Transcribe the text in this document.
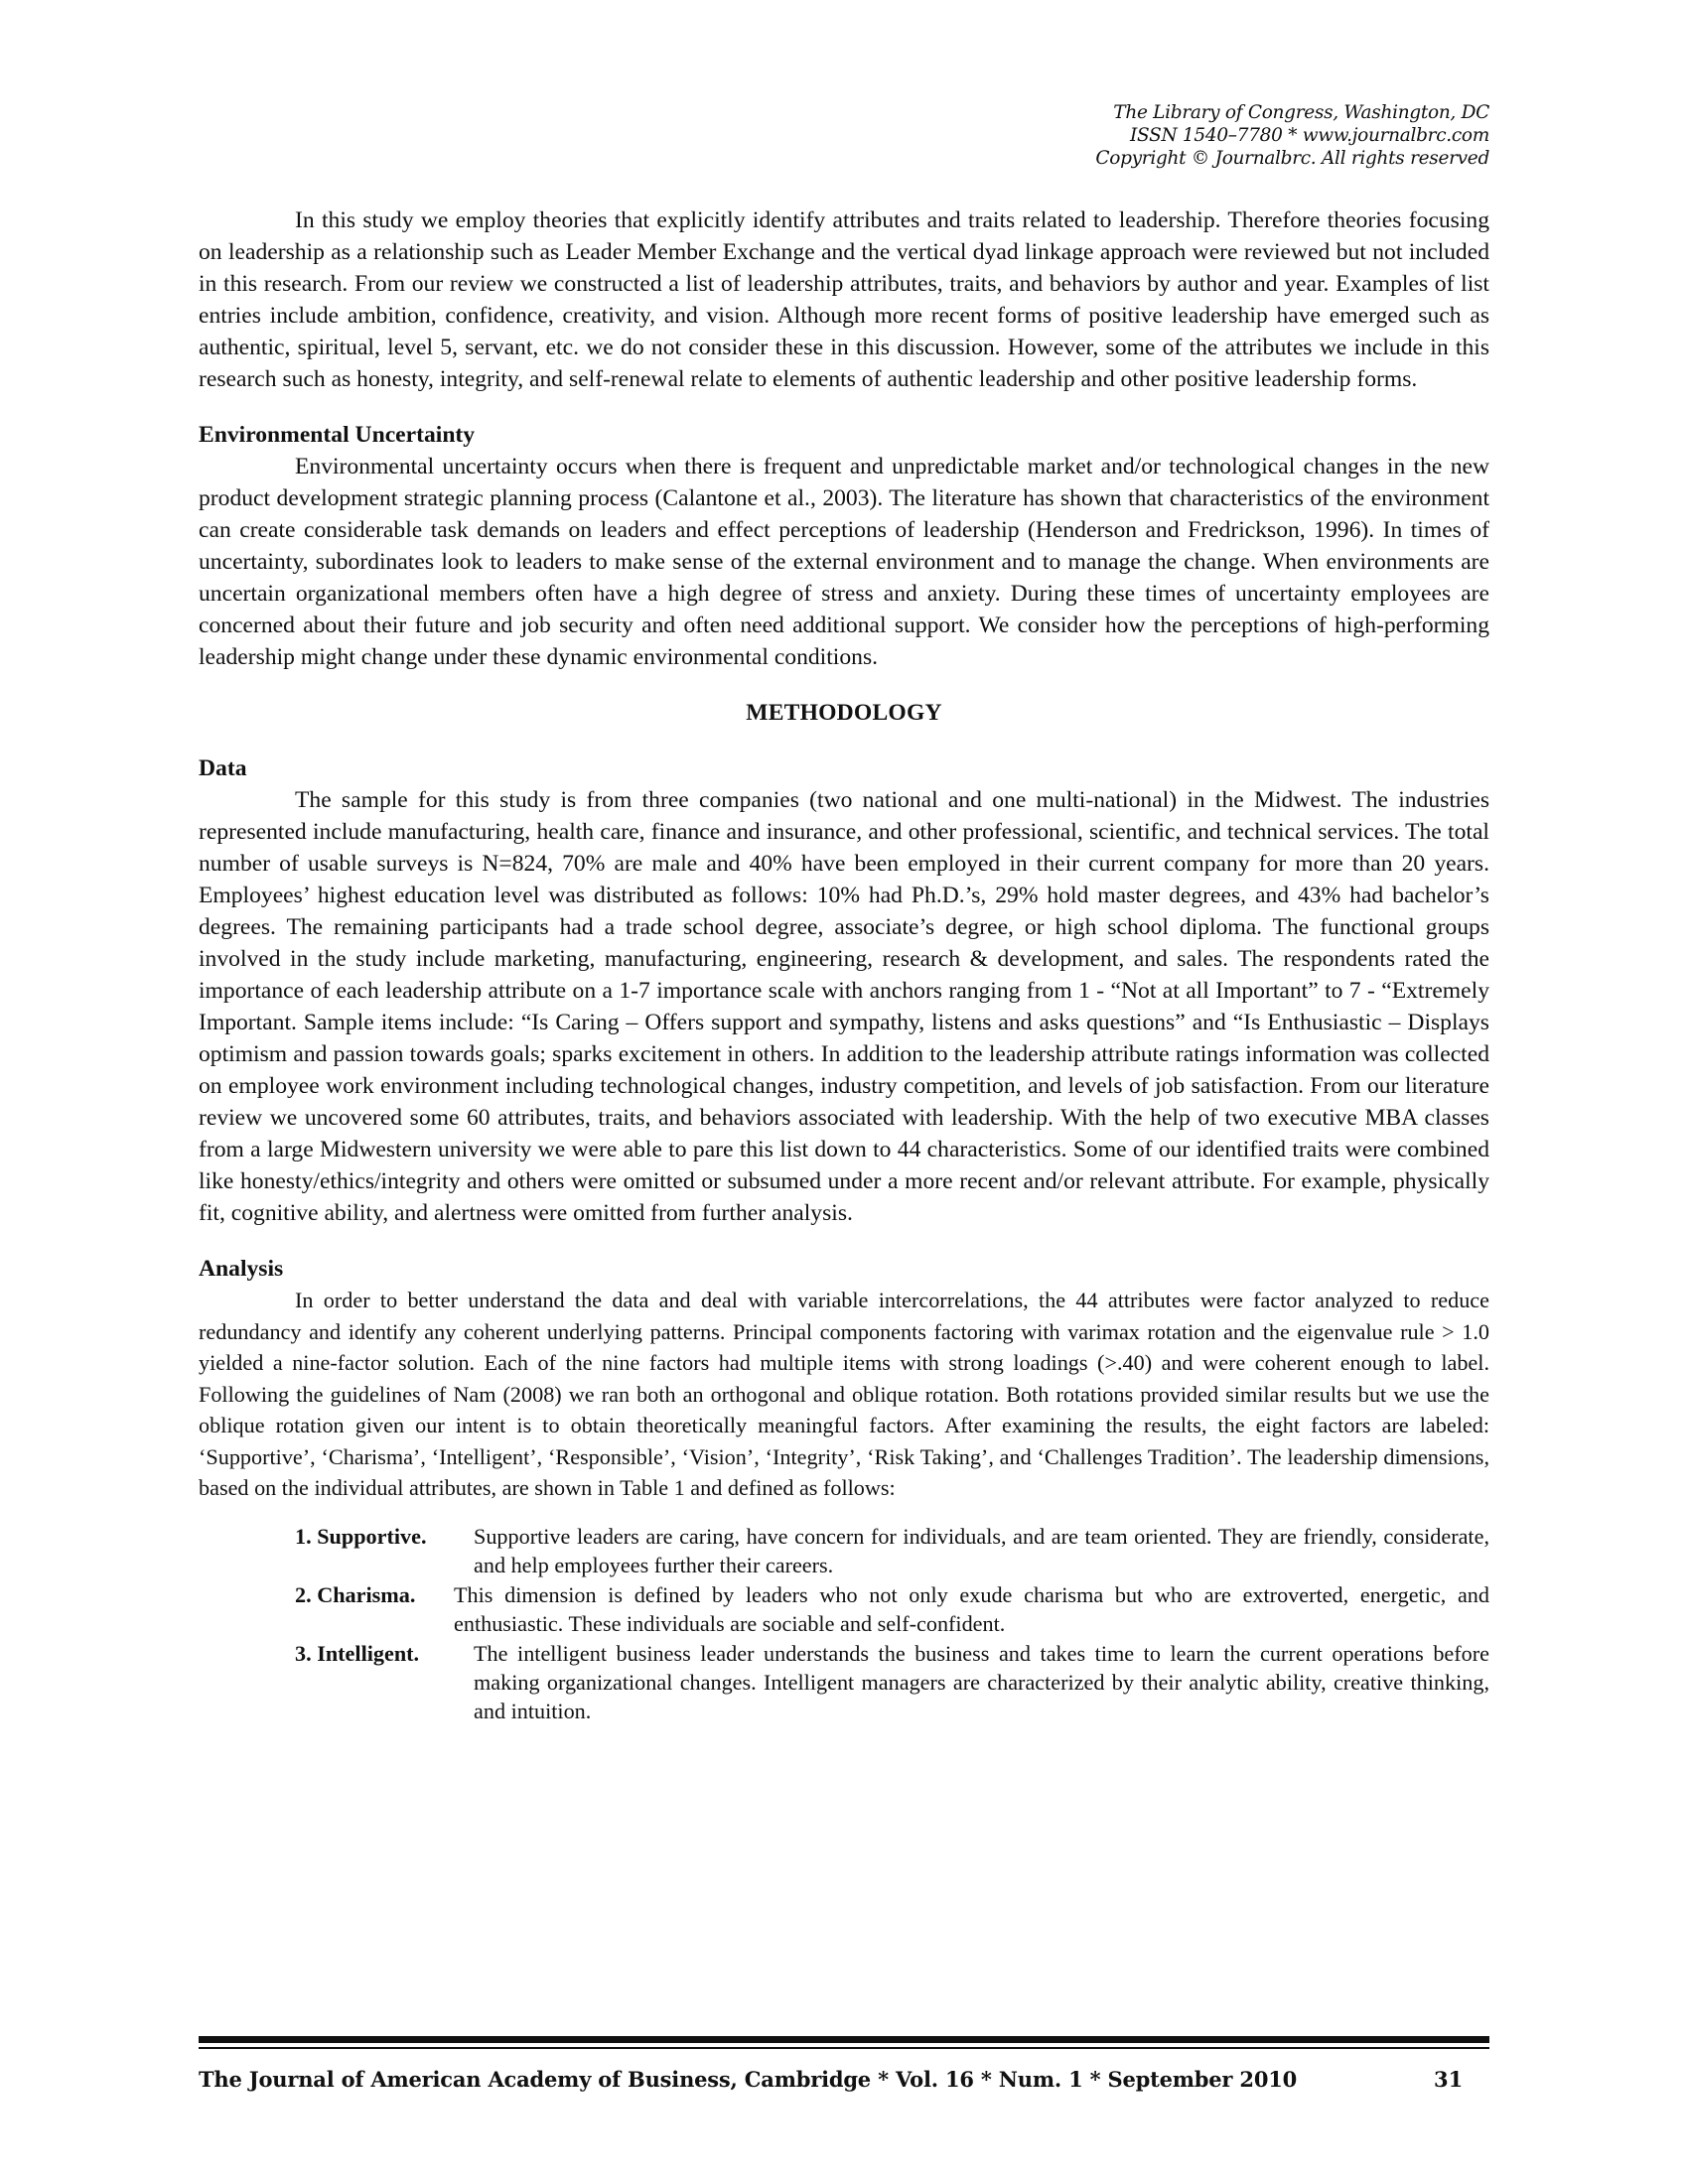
The Library of Congress, Washington, DC
ISSN 1540–7780 * www.journalbrc.com
Copyright © Journalbrc. All rights reserved

In this study we employ theories that explicitly identify attributes and traits related to leadership. Therefore theories focusing on leadership as a relationship such as Leader Member Exchange and the vertical dyad linkage approach were reviewed but not included in this research. From our review we constructed a list of leadership attributes, traits, and behaviors by author and year. Examples of list entries include ambition, confidence, creativity, and vision. Although more recent forms of positive leadership have emerged such as authentic, spiritual, level 5, servant, etc. we do not consider these in this discussion. However, some of the attributes we include in this research such as honesty, integrity, and self-renewal relate to elements of authentic leadership and other positive leadership forms.

Environmental Uncertainty

Environmental uncertainty occurs when there is frequent and unpredictable market and/or technological changes in the new product development strategic planning process (Calantone et al., 2003). The literature has shown that characteristics of the environment can create considerable task demands on leaders and effect perceptions of leadership (Henderson and Fredrickson, 1996). In times of uncertainty, subordinates look to leaders to make sense of the external environment and to manage the change. When environments are uncertain organizational members often have a high degree of stress and anxiety. During these times of uncertainty employees are concerned about their future and job security and often need additional support. We consider how the perceptions of high-performing leadership might change under these dynamic environmental conditions.

METHODOLOGY
Data

The sample for this study is from three companies (two national and one multi-national) in the Midwest. The industries represented include manufacturing, health care, finance and insurance, and other professional, scientific, and technical services. The total number of usable surveys is N=824, 70% are male and 40% have been employed in their current company for more than 20 years. Employees’ highest education level was distributed as follows: 10% had Ph.D.’s, 29% hold master degrees, and 43% had bachelor’s degrees. The remaining participants had a trade school degree, associate’s degree, or high school diploma. The functional groups involved in the study include marketing, manufacturing, engineering, research & development, and sales. The respondents rated the importance of each leadership attribute on a 1-7 importance scale with anchors ranging from 1 - “Not at all Important” to 7 - “Extremely Important. Sample items include: “Is Caring – Offers support and sympathy, listens and asks questions” and “Is Enthusiastic – Displays optimism and passion towards goals; sparks excitement in others. In addition to the leadership attribute ratings information was collected on employee work environment including technological changes, industry competition, and levels of job satisfaction. From our literature review we uncovered some 60 attributes, traits, and behaviors associated with leadership. With the help of two executive MBA classes from a large Midwestern university we were able to pare this list down to 44 characteristics. Some of our identified traits were combined like honesty/ethics/integrity and others were omitted or subsumed under a more recent and/or relevant attribute. For example, physically fit, cognitive ability, and alertness were omitted from further analysis.

Analysis

In order to better understand the data and deal with variable intercorrelations, the 44 attributes were factor analyzed to reduce redundancy and identify any coherent underlying patterns. Principal components factoring with varimax rotation and the eigenvalue rule > 1.0 yielded a nine-factor solution. Each of the nine factors had multiple items with strong loadings (>.40) and were coherent enough to label. Following the guidelines of Nam (2008) we ran both an orthogonal and oblique rotation. Both rotations provided similar results but we use the oblique rotation given our intent is to obtain theoretically meaningful factors. After examining the results, the eight factors are labeled: ‘Supportive’, ‘Charisma’, ‘Intelligent’, ‘Responsible’, ‘Vision’, ‘Integrity’, ‘Risk Taking’, and ‘Challenges Tradition’. The leadership dimensions, based on the individual attributes, are shown in Table 1 and defined as follows:

1. Supportive.	Supportive leaders are caring, have concern for individuals, and are team oriented. They are friendly, considerate, and help employees further their careers.
2. Charisma.	This dimension is defined by leaders who not only exude charisma but who are extroverted, energetic, and enthusiastic. These individuals are sociable and self-confident.
3. Intelligent.	The intelligent business leader understands the business and takes time to learn the current operations before making organizational changes. Intelligent managers are characterized by their analytic ability, creative thinking, and intuition.
The Journal of American Academy of Business, Cambridge * Vol. 16 * Num. 1 * September 2010	31
